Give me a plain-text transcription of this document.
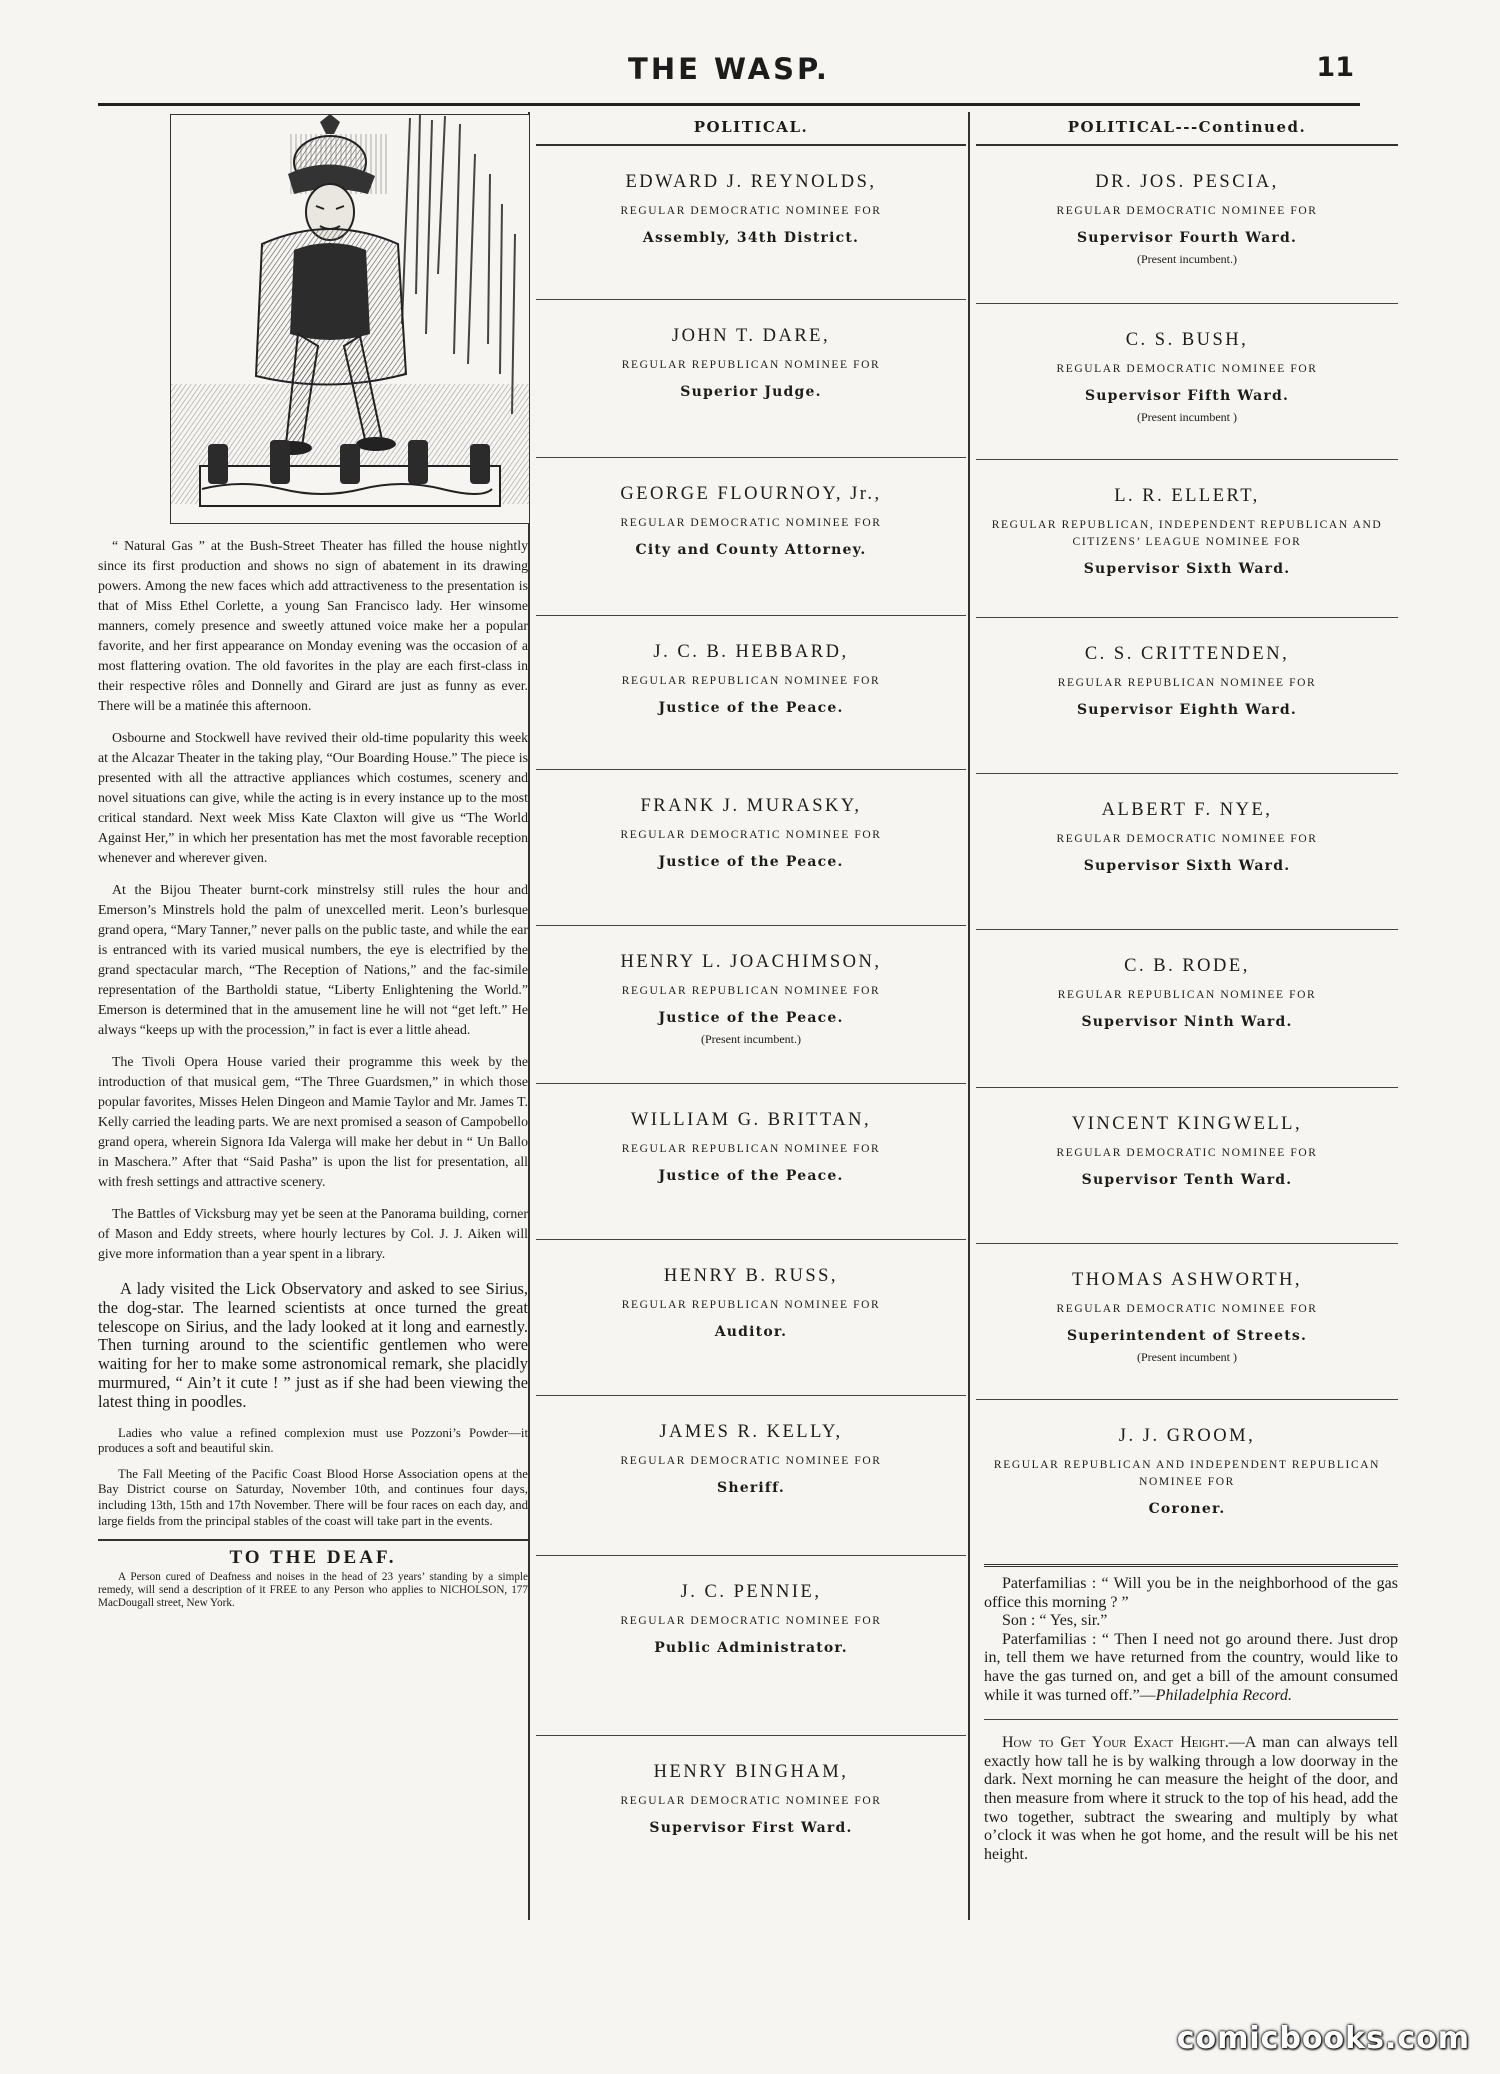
THE WASP.	11

“ Natural Gas ” at the Bush-Street Theater has filled the house nightly since its first production and shows no sign of abatement in its drawing powers. Among the new faces which add attractiveness to the presentation is that of Miss Ethel Corlette, a young San Francisco lady. Her winsome manners, comely presence and sweetly attuned voice make her a popular favorite, and her first appearance on Monday evening was the occasion of a most flattering ovation. The old favorites in the play are each first-class in their respective rôles and Donnelly and Girard are just as funny as ever. There will be a matinée this afternoon.

Osbourne and Stockwell have revived their old-time popularity this week at the Alcazar Theater in the taking play, “Our Boarding House.” The piece is presented with all the attractive appliances which costumes, scenery and novel situations can give, while the acting is in every instance up to the most critical standard. Next week Miss Kate Claxton will give us “The World Against Her,” in which her presentation has met the most favorable reception whenever and wherever given.

At the Bijou Theater burnt-cork minstrelsy still rules the hour and Emerson’s Minstrels hold the palm of unexcelled merit. Leon’s burlesque grand opera, “Mary Tanner,” never palls on the public taste, and while the ear is entranced with its varied musical numbers, the eye is electrified by the grand spectacular march, “The Reception of Nations,” and the fac-simile representation of the Bartholdi statue, “Liberty Enlightening the World.” Emerson is determined that in the amusement line he will not “get left.” He always “keeps up with the procession,” in fact is ever a little ahead.

The Tivoli Opera House varied their programme this week by the introduction of that musical gem, “The Three Guardsmen,” in which those popular favorites, Misses Helen Dingeon and Mamie Taylor and Mr. James T. Kelly carried the leading parts. We are next promised a season of Campobello grand opera, wherein Signora Ida Valerga will make her debut in “ Un Ballo in Maschera.” After that “Said Pasha” is upon the list for presentation, all with fresh settings and attractive scenery.

The Battles of Vicksburg may yet be seen at the Panorama building, corner of Mason and Eddy streets, where hourly lectures by Col. J. J. Aiken will give more information than a year spent in a library.

A lady visited the Lick Observatory and asked to see Sirius, the dog-star. The learned scientists at once turned the great telescope on Sirius, and the lady looked at it long and earnestly. Then turning around to the scientific gentlemen who were waiting for her to make some astronomical remark, she placidly murmured, “ Ain’t it cute ! ” just as if she had been viewing the latest thing in poodles.

Ladies who value a refined complexion must use Pozzoni’s Powder—it produces a soft and beautiful skin.

The Fall Meeting of the Pacific Coast Blood Horse Association opens at the Bay District course on Saturday, November 10th, and continues four days, including 13th, 15th and 17th November. There will be four races on each day, and large fields from the principal stables of the coast will take part in the events.

TO THE DEAF.

A Person cured of Deafness and noises in the head of 23 years’ standing by a simple remedy, will send a description of it FREE to any Person who applies to NICHOLSON, 177 MacDougall street, New York.

POLITICAL.
EDWARD J. REYNOLDS,
REGULAR DEMOCRATIC NOMINEE FOR
Assembly, 34th District.
JOHN T. DARE,
REGULAR REPUBLICAN NOMINEE FOR
Superior Judge.
GEORGE FLOURNOY, Jr.,
REGULAR DEMOCRATIC NOMINEE FOR
City and County Attorney.
J. C. B. HEBBARD,
REGULAR REPUBLICAN NOMINEE FOR
Justice of the Peace.
FRANK J. MURASKY,
REGULAR DEMOCRATIC NOMINEE FOR
Justice of the Peace.
HENRY L. JOACHIMSON,
REGULAR REPUBLICAN NOMINEE FOR
Justice of the Peace.
(Present incumbent.)
WILLIAM G. BRITTAN,
REGULAR REPUBLICAN NOMINEE FOR
Justice of the Peace.
HENRY B. RUSS,
REGULAR REPUBLICAN NOMINEE FOR
Auditor.
JAMES R. KELLY,
REGULAR DEMOCRATIC NOMINEE FOR
Sheriff.
J. C. PENNIE,
REGULAR DEMOCRATIC NOMINEE FOR
Public Administrator.
HENRY BINGHAM,
REGULAR DEMOCRATIC NOMINEE FOR
Supervisor First Ward.
POLITICAL---Continued.
DR. JOS. PESCIA,
REGULAR DEMOCRATIC NOMINEE FOR
Supervisor Fourth Ward.
(Present incumbent.)
C. S. BUSH,
REGULAR DEMOCRATIC NOMINEE FOR
Supervisor Fifth Ward.
(Present incumbent )
L. R. ELLERT,
REGULAR REPUBLICAN, INDEPENDENT REPUBLICAN AND CITIZENS’ LEAGUE NOMINEE FOR
Supervisor Sixth Ward.
C. S. CRITTENDEN,
REGULAR REPUBLICAN NOMINEE FOR
Supervisor Eighth Ward.
ALBERT F. NYE,
REGULAR DEMOCRATIC NOMINEE FOR
Supervisor Sixth Ward.
C. B. RODE,
REGULAR REPUBLICAN NOMINEE FOR
Supervisor Ninth Ward.
VINCENT KINGWELL,
REGULAR DEMOCRATIC NOMINEE FOR
Supervisor Tenth Ward.
THOMAS ASHWORTH,
REGULAR DEMOCRATIC NOMINEE FOR
Superintendent of Streets.
(Present incumbent )
J. J. GROOM,
REGULAR REPUBLICAN AND INDEPENDENT REPUBLICAN NOMINEE FOR
Coroner.
Paterfamilias : “ Will you be in the neighborhood of the gas office this morning ? ”
Son : “ Yes, sir.”
Paterfamilias : “ Then I need not go around there. Just drop in, tell them we have returned from the country, would like to have the gas turned on, and get a bill of the amount consumed while it was turned off.”—Philadelphia Record.
How to Get Your Exact Height.—A man can always tell exactly how tall he is by walking through a low doorway in the dark. Next morning he can measure the height of the door, and then measure from where it struck to the top of his head, add the two together, subtract the swearing and multiply by what o’clock it was when he got home, and the result will be his net height.
comicbooks.com
